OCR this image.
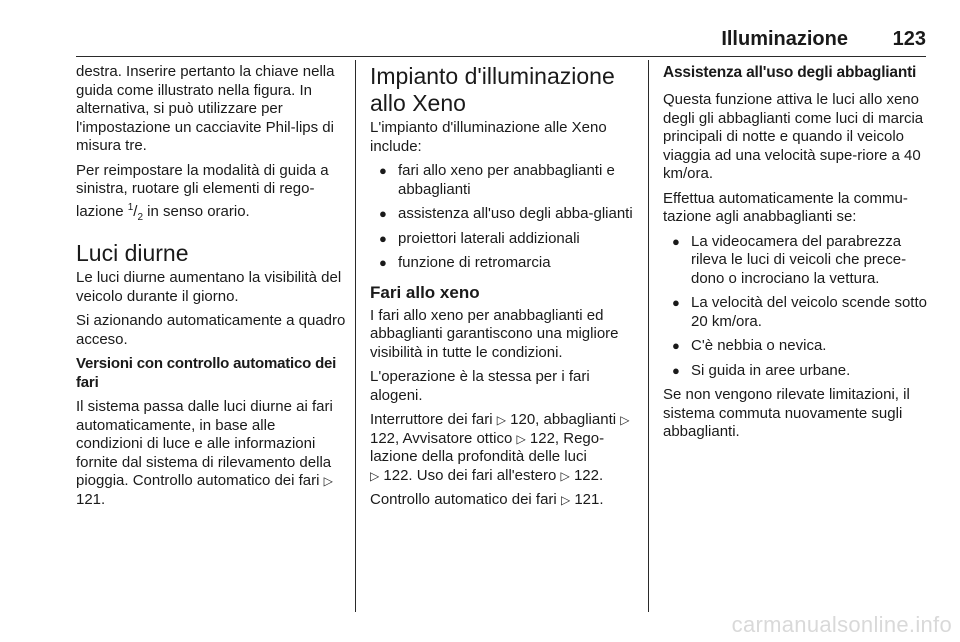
Illuminazione 123

destra. Inserire pertanto la chiave nella guida come illustrato nella figura. In alternativa, si può utilizzare per l'impostazione un cacciavite Phil-lips di misura tre.

Per reimpostare la modalità di guida a sinistra, ruotare gli elementi di rego-lazione $^1/_2$ in senso orario.

Luci diurne

Le luci diurne aumentano la visibilità del veicolo durante il giorno.

Si azionando automaticamente a quadro acceso.

Versioni con controllo automatico dei fari

Il sistema passa dalle luci diurne ai fari automaticamente, in base alle condizioni di luce e alle informazioni fornite dal sistema di rilevamento della pioggia. Controllo automatico dei fari ▷ 121.

Impianto d'illuminazione allo Xeno

L'impianto d'illuminazione alle Xeno include:

● fari allo xeno per anabbaglianti e abbaglianti
● assistenza all'uso degli abba-glianti
● proiettori laterali addizionali
● funzione di retromarcia
Fari allo xeno

I fari allo xeno per anabbaglianti ed abbaglianti garantiscono una migliore visibilità in tutte le condizioni.

L'operazione è la stessa per i fari alogeni.

Interruttore dei fari ▷ 120, abbaglianti ▷ 122, Avvisatore ottico ▷ 122, Rego-lazione della profondità delle luci
▷ 122. Uso dei fari all'estero ▷ 122.

Controllo automatico dei fari ▷ 121.

Assistenza all'uso degli abbaglianti

Questa funzione attiva le luci allo xeno degli gli abbaglianti come luci di marcia principali di notte e quando il veicolo viaggia ad una velocità supe-riore a 40 km/ora.

Effettua automaticamente la commu-tazione agli anabbaglianti se:

● La videocamera del parabrezza rileva le luci di veicoli che prece-dono o incrociano la vettura.
● La velocità del veicolo scende sotto 20 km/ora.
● C'è nebbia o nevica.
● Si guida in aree urbane.

Se non vengono rilevate limitazioni, il sistema commuta nuovamente sugli abbaglianti.

carmanualsonline.info
